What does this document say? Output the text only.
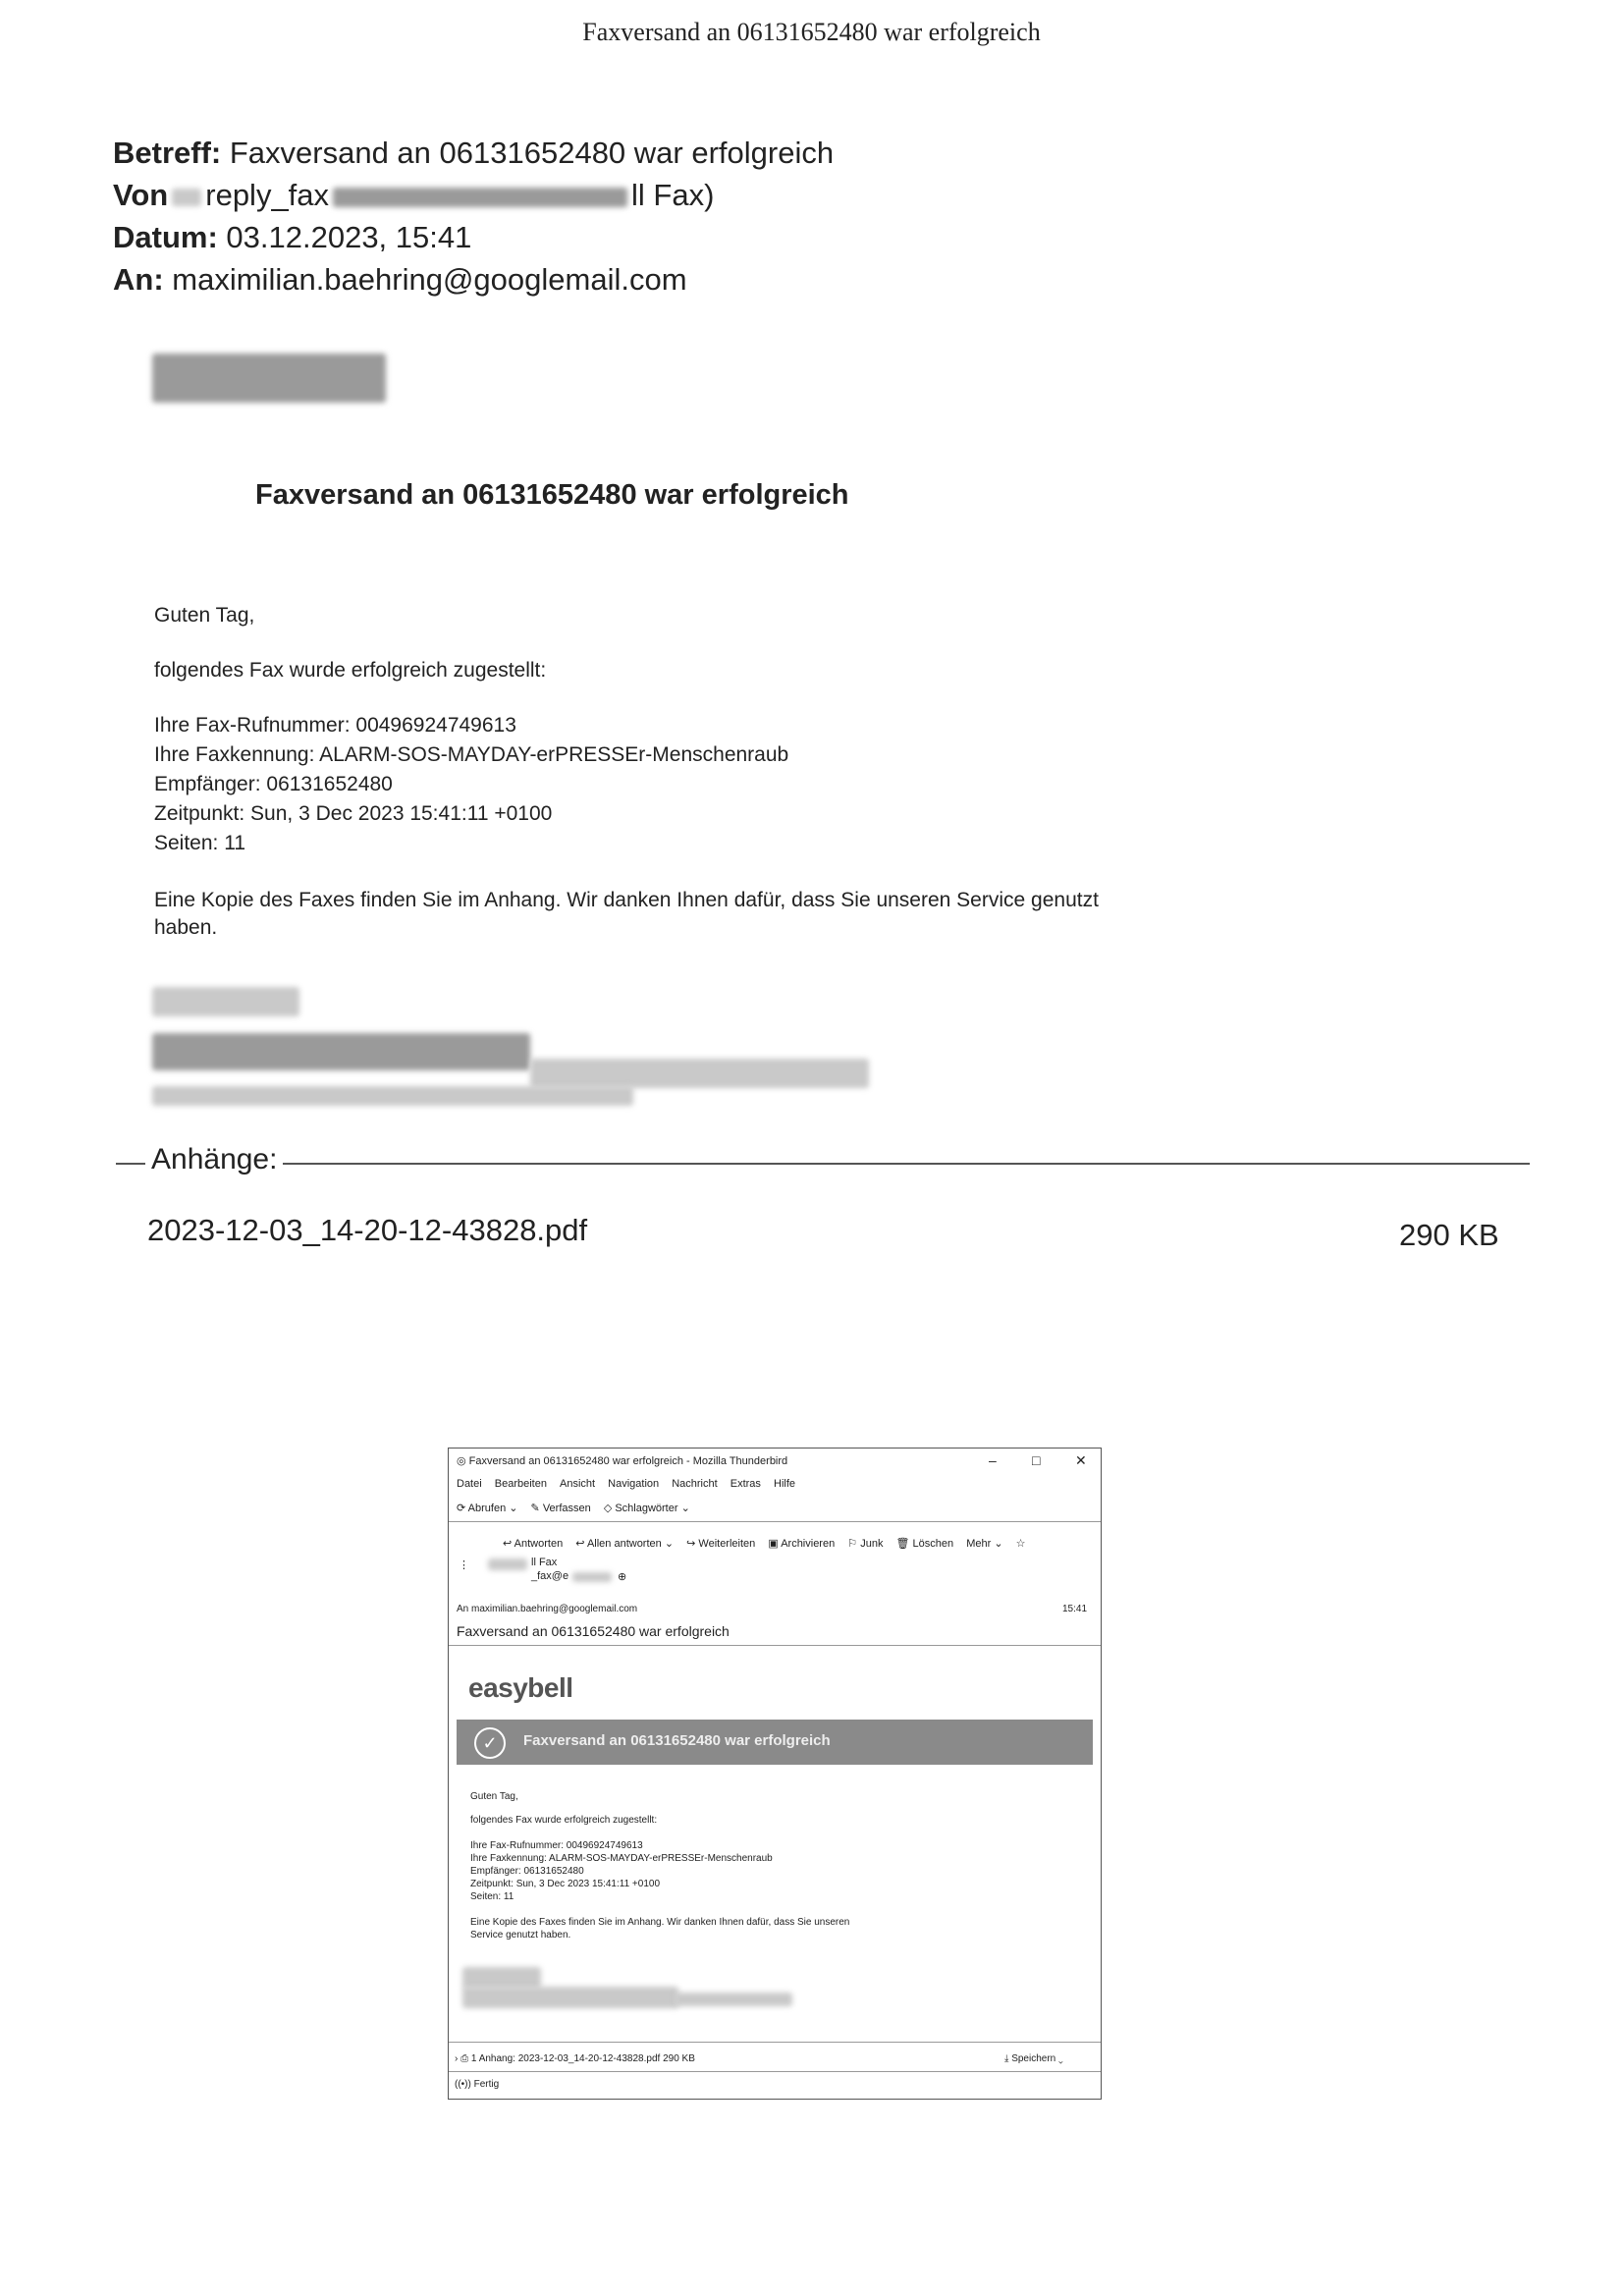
Faxversand an 06131652480 war erfolgreich
Betreff: Faxversand an 06131652480 war erfolgreich
Von reply_fax	ll Fax)
Datum: 03.12.2023, 15:41
An: maximilian.baehring@googlemail.com
Faxversand an 06131652480 war erfolgreich
Guten Tag,
folgendes Fax wurde erfolgreich zugestellt:
Ihre Fax-Rufnummer: 00496924749613
Ihre Faxkennung: ALARM-SOS-MAYDAY-erPRESSEr-Menschenraub
Empfänger: 06131652480
Zeitpunkt: Sun, 3 Dec 2023 15:41:11 +0100
Seiten: 11
Eine Kopie des Faxes finden Sie im Anhang. Wir danken Ihnen dafür, dass Sie unseren Service genutzt
haben.
Anhänge:
2023-12-03_14-20-12-43828.pdf	290 KB
◎ Faxversand an 06131652480 war erfolgreich - Mozilla Thunderbird	–	□	✕
Datei Bearbeiten Ansicht Navigation Nachricht Extras Hilfe
⟳ Abrufen ⌄ ✎ Verfassen ◇ Schlagwörter ⌄
↩ Antworten ↩ Allen antworten ⌄ ↪ Weiterleiten ▣ Archivieren ⚐ Junk 🗑 Löschen Mehr ⌄ ☆
⋮	ll Fax
_fax@e	⊕
An maximilian.baehring@googlemail.com	15:41
Faxversand an 06131652480 war erfolgreich
easybell
✓	Faxversand an 06131652480 war erfolgreich
Guten Tag,
folgendes Fax wurde erfolgreich zugestellt:
Ihre Fax-Rufnummer: 00496924749613
Ihre Faxkennung: ALARM-SOS-MAYDAY-erPRESSEr-Menschenraub
Empfänger: 06131652480
Zeitpunkt: Sun, 3 Dec 2023 15:41:11 +0100
Seiten: 11
Eine Kopie des Faxes finden Sie im Anhang. Wir danken Ihnen dafür, dass Sie unseren
Service genutzt haben.
› ⎙ 1 Anhang: 2023-12-03_14-20-12-43828.pdf 290 KB	⤓ Speichern ⌄
((•)) Fertig
